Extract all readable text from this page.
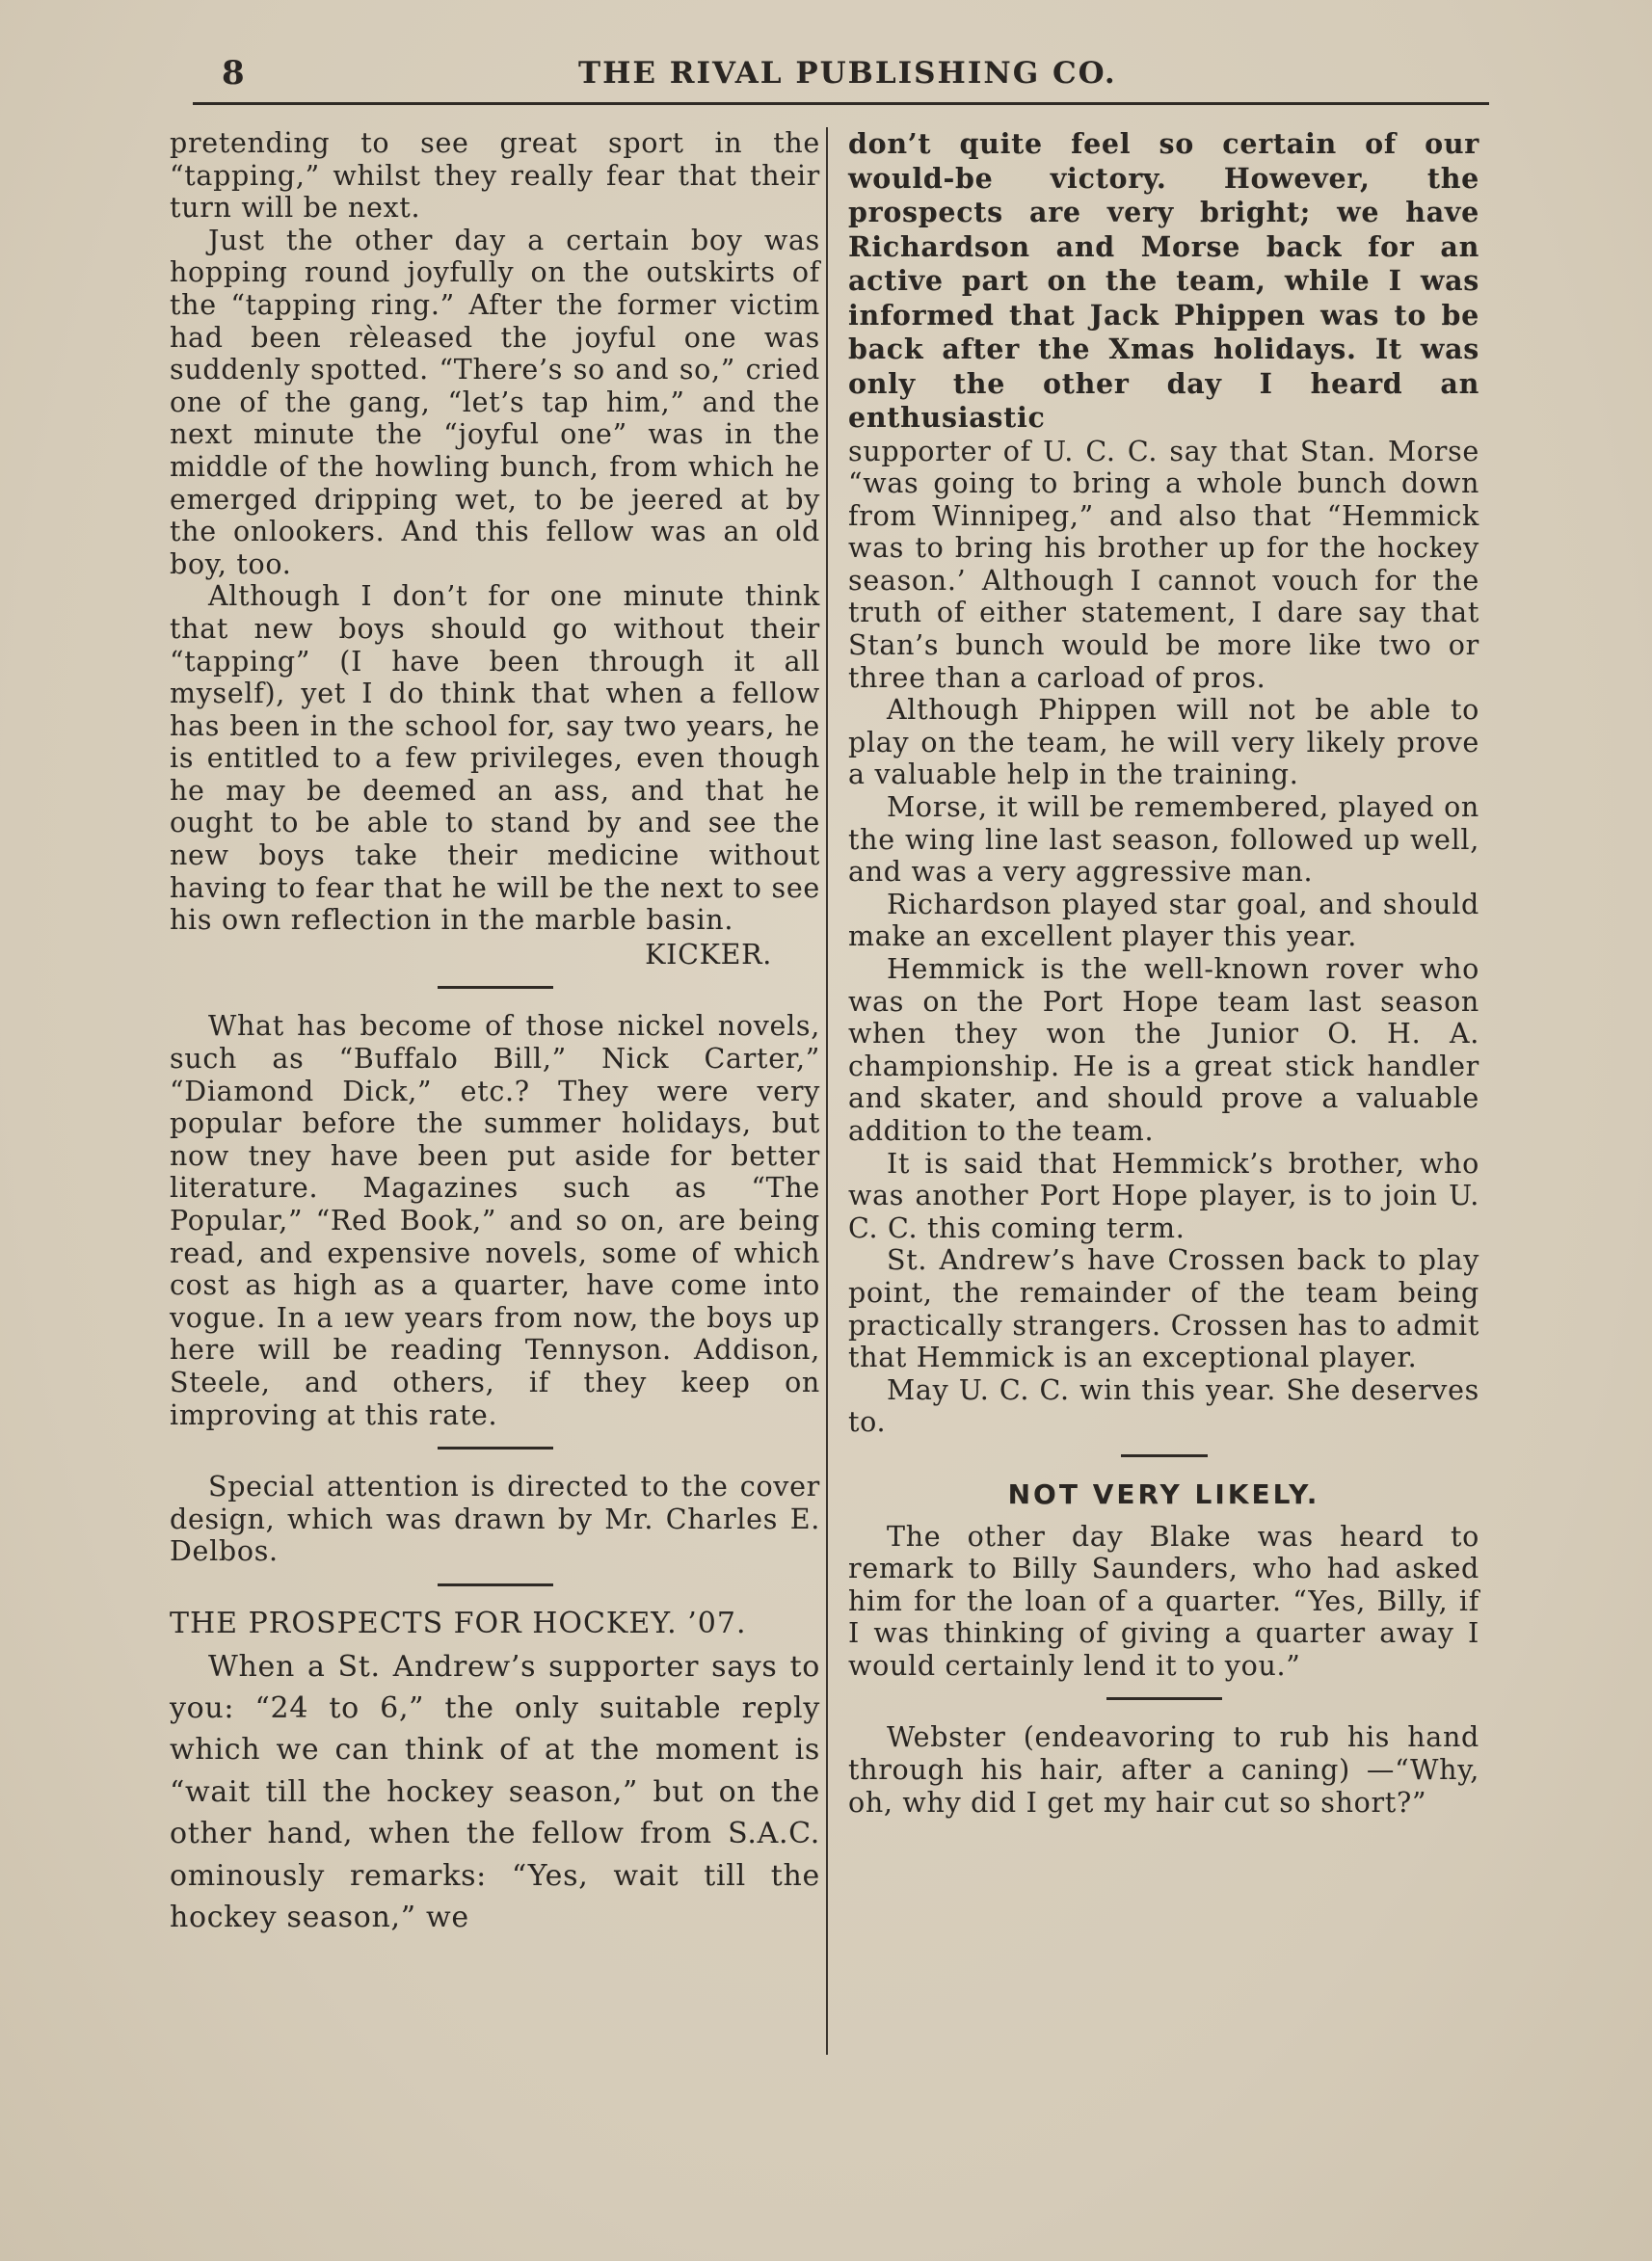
8	THE RIVAL PUBLISHING CO.

pretending to see great sport in the “tapping,” whilst they really fear that their turn will be next.

Just the other day a certain boy was hopping round joyfully on the outskirts of the “tapping ring.” After the former victim had been rèleased the joyful one was suddenly spotted. “There’s so and so,” cried one of the gang, “let’s tap him,” and the next minute the “joyful one” was in the middle of the howling bunch, from which he emerged dripping wet, to be jeered at by the onlookers. And this fellow was an old boy, too.

Although I don’t for one minute think that new boys should go without their “tapping” (I have been through it all myself), yet I do think that when a fellow has been in the school for, say two years, he is entitled to a few privileges, even though he may be deemed an ass, and that he ought to be able to stand by and see the new boys take their medicine without having to fear that he will be the next to see his own reflection in the marble basin.

KICKER.

What has become of those nickel novels, such as “Buffalo Bill,” Nick Carter,” “Diamond Dick,” etc.? They were very popular before the summer holidays, but now tney have been put aside for better literature. Magazines such as “The Popular,” “Red Book,” and so on, are being read, and expensive novels, some of which cost as high as a quarter, have come into vogue. In a ıew years from now, the boys up here will be reading Tennyson. Addison, Steele, and others, if they keep on improving at this rate.

Special attention is directed to the cover design, which was drawn by Mr. Charles E. Delbos.

THE PROSPECTS FOR HOCKEY. ’07.

When a St. Andrew’s supporter says to you: “24 to 6,” the only suitable reply which we can think of at the moment is “wait till the hockey season,” but on the other hand, when the fellow from S.A.C. ominously remarks: “Yes, wait till the hockey season,” we

don’t quite feel so certain of our would-be victory. However, the prospects are very bright; we have Richardson and Morse back for an active part on the team, while I was informed that Jack Phippen was to be back after the Xmas holidays. It was only the other day I heard an enthusiastic

supporter of U. C. C. say that Stan. Morse “was going to bring a whole bunch down from Winnipeg,” and also that “Hemmick was to bring his brother up for the hockey season.’ Although I cannot vouch for the truth of either statement, I dare say that Stan’s bunch would be more like two or three than a carload of pros.

Although Phippen will not be able to play on the team, he will very likely prove a valuable help in the training.

Morse, it will be remembered, played on the wing line last season, followed up well, and was a very aggressive man.

Richardson played star goal, and should make an excellent player this year.

Hemmick is the well-known rover who was on the Port Hope team last season when they won the Junior O. H. A. championship. He is a great stick handler and skater, and should prove a valuable addition to the team.

It is said that Hemmick’s brother, who was another Port Hope player, is to join U. C. C. this coming term.

St. Andrew’s have Crossen back to play point, the remainder of the team being practically strangers. Crossen has to admit that Hemmick is an exceptional player.

May U. C. C. win this year. She deserves to.

NOT VERY LIKELY.

The other day Blake was heard to remark to Billy Saunders, who had asked him for the loan of a quarter. “Yes, Billy, if I was thinking of giving a quarter away I would certainly lend it to you.”

Webster (endeavoring to rub his hand through his hair, after a caning) —“Why, oh, why did I get my hair cut so short?”
